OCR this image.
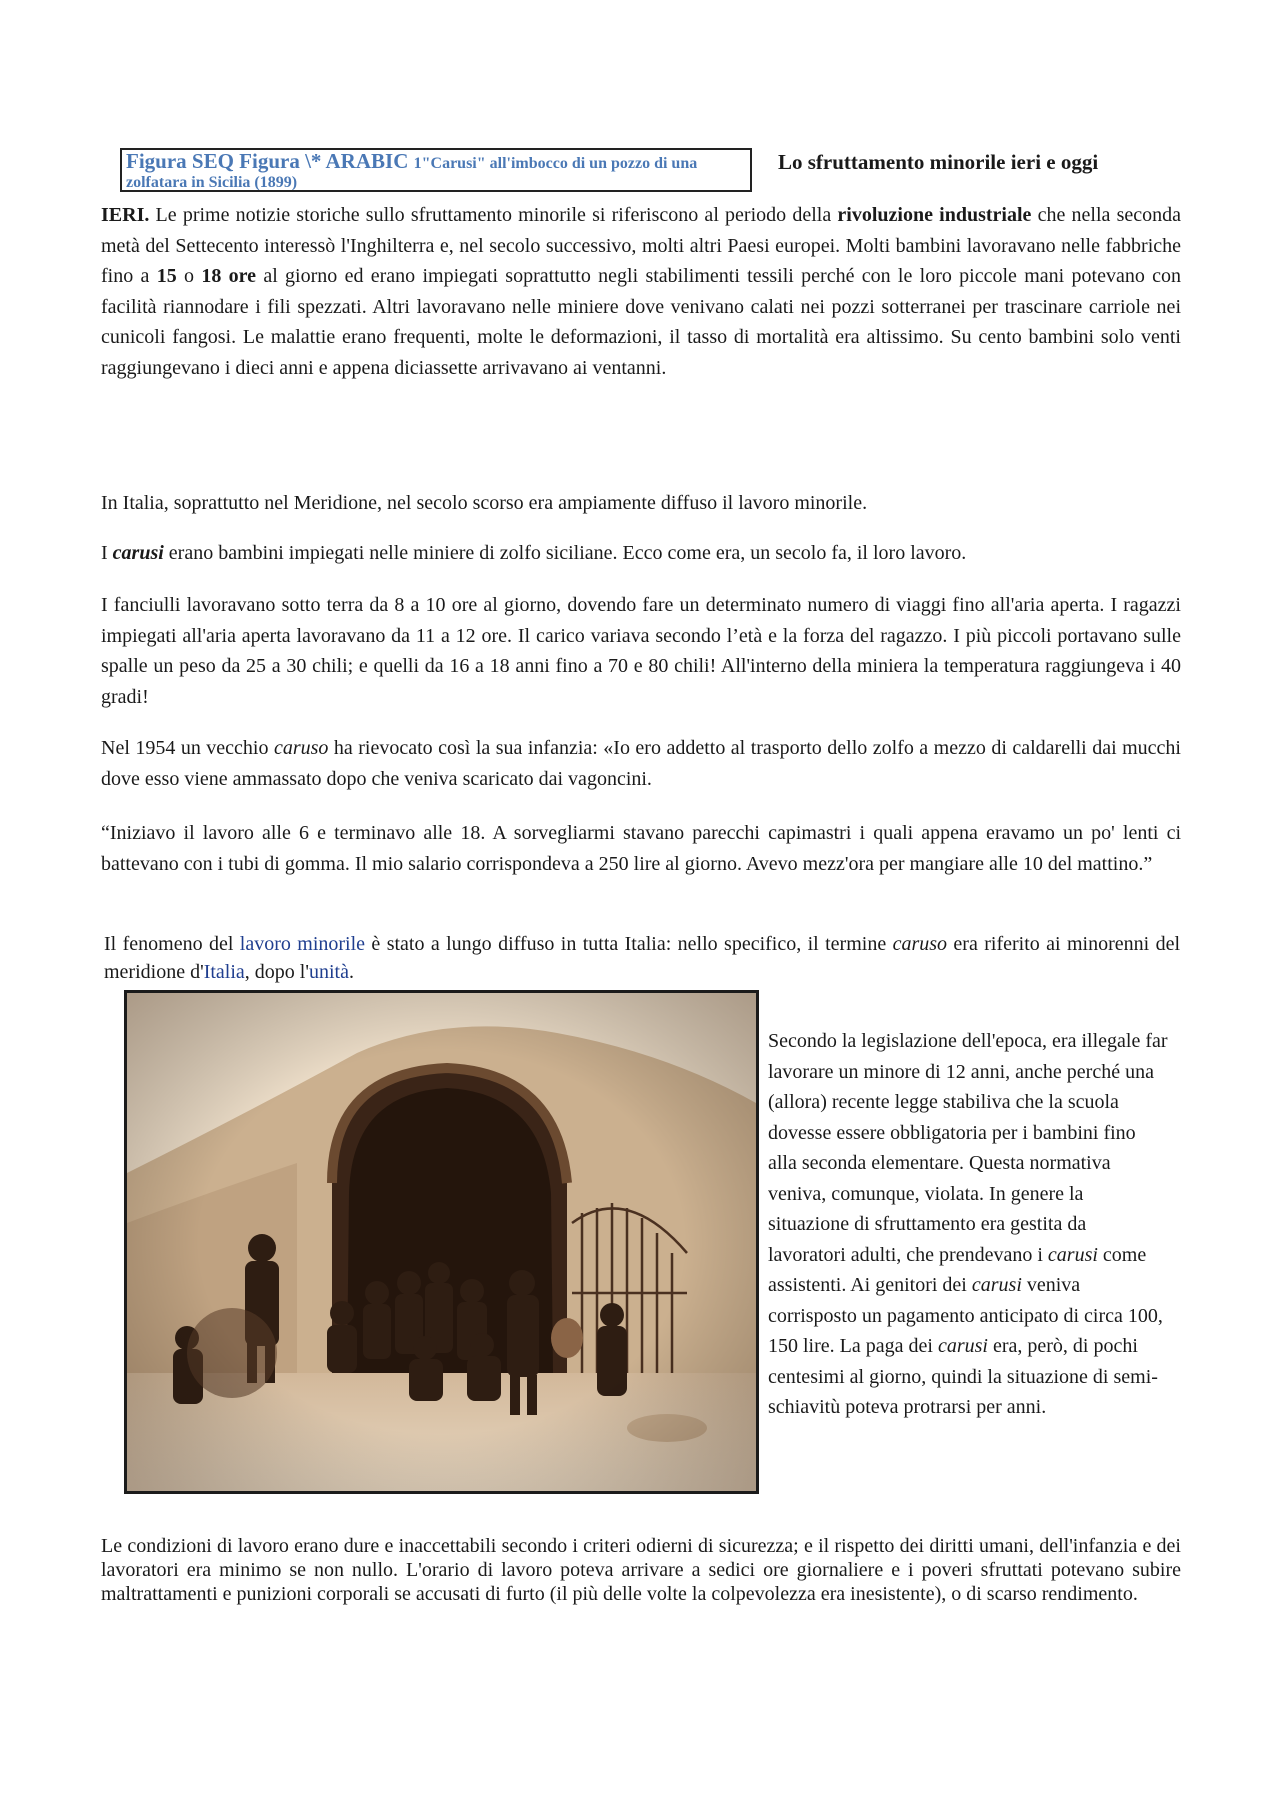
Figura SEQ Figura \* ARABIC 1"Carusi" all'imbocco di un pozzo di una zolfatara in Sicilia (1899)
Lo sfruttamento minorile ieri e oggi

IERI. Le prime notizie storiche sullo sfruttamento minorile si riferiscono al periodo della rivoluzione industriale che nella seconda metà del Settecento interessò l'Inghilterra e, nel secolo successivo, molti altri Paesi europei. Molti bambini lavoravano nelle fabbriche fino a 15 o 18 ore al giorno ed erano impiegati soprattutto negli stabilimenti tessili perché con le loro piccole mani potevano con facilità riannodare i fili spezzati. Altri lavoravano nelle miniere dove venivano calati nei pozzi sotterranei per trascinare carriole nei cunicoli fangosi. Le malattie erano frequenti, molte le deformazioni, il tasso di mortalità era altissimo. Su cento bambini solo venti raggiungevano i dieci anni e appena diciassette arrivavano ai ventanni.

In Italia, soprattutto nel Meridione, nel secolo scorso era ampiamente diffuso il lavoro minorile.

I carusi erano bambini impiegati nelle miniere di zolfo siciliane. Ecco come era, un secolo fa, il loro lavoro.

I fanciulli lavoravano sotto terra da 8 a 10 ore al giorno, dovendo fare un determinato numero di viaggi fino all'aria aperta. I ragazzi impiegati all'aria aperta lavoravano da 11 a 12 ore. Il carico variava secondo l’età e la forza del ragazzo. I più piccoli portavano sulle spalle un peso da 25 a 30 chili; e quelli da 16 a 18 anni fino a 70 e 80 chili! All'interno della miniera la temperatura raggiungeva i 40 gradi!

Nel 1954 un vecchio caruso ha rievocato così la sua infanzia: «Io ero addetto al trasporto dello zolfo a mezzo di caldarelli dai mucchi dove esso viene ammassato dopo che veniva scaricato dai vagoncini.

“Iniziavo il lavoro alle 6 e terminavo alle 18. A sorvegliarmi stavano parecchi capimastri i quali appena eravamo un po' lenti ci battevano con i tubi di gomma. Il mio salario corrispondeva a 250 lire al giorno. Avevo mezz'ora per mangiare alle 10 del mattino.”

Il fenomeno del lavoro minorile è stato a lungo diffuso in tutta Italia: nello specifico, il termine caruso era riferito ai minorenni del meridione d'Italia, dopo l'unità.

Secondo la legislazione dell'epoca, era illegale far lavorare un minore di 12 anni, anche perché una (allora) recente legge stabiliva che la scuola dovesse essere obbligatoria per i bambini fino alla seconda elementare. Questa normativa veniva, comunque, violata. In genere la situazione di sfruttamento era gestita da lavoratori adulti, che prendevano i carusi come assistenti. Ai genitori dei carusi veniva corrisposto un pagamento anticipato di circa 100, 150 lire. La paga dei carusi era, però, di pochi centesimi al giorno, quindi la situazione di semi-schiavitù poteva protrarsi per anni.

Le condizioni di lavoro erano dure e inaccettabili secondo i criteri odierni di sicurezza; e il rispetto dei diritti umani, dell'infanzia e dei lavoratori era minimo se non nullo. L'orario di lavoro poteva arrivare a sedici ore giornaliere e i poveri sfruttati potevano subire maltrattamenti e punizioni corporali se accusati di furto (il più delle volte la colpevolezza era inesistente), o di scarso rendimento.
